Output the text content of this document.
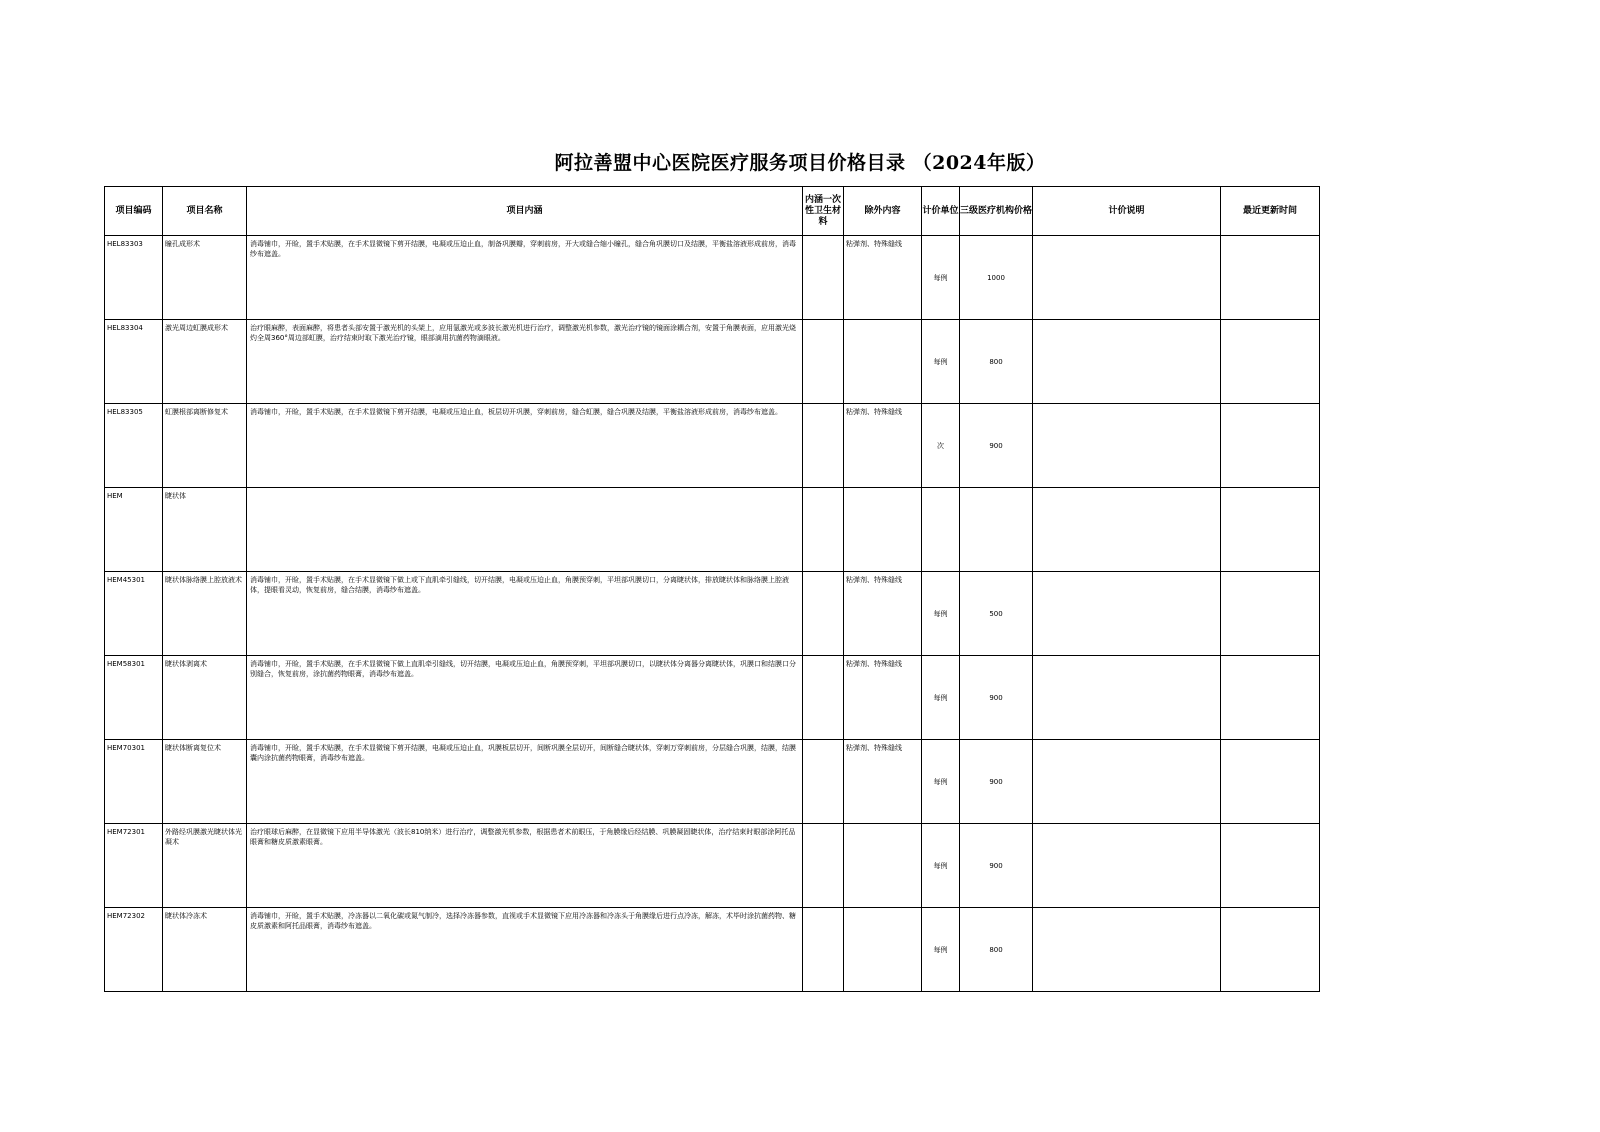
阿拉善盟中心医院医疗服务项目价格目录 （2024年版）
项目编码	项目名称	项目内涵	内涵一次性卫生材料	除外内容	计价单位	三级医疗机构价格	计价说明	最近更新时间
HEL83303	瞳孔成形术	消毒铺巾，开睑，置手术贴膜，在手术显微镜下剪开结膜，电凝或压迫止血，制备巩膜瓣，穿刺前房，开大或缝合缩小瞳孔，缝合角巩膜切口及结膜，平衡盐溶液形成前房，消毒纱布遮盖。		粘弹剂、特殊缝线	每例	1000		
HEL83304	激光周边虹膜成形术	治疗眼麻醉，表面麻醉，将患者头部安置于激光机的头架上，应用氩激光或多波长激光机进行治疗，调整激光机参数，激光治疗镜的镜面涂耦合剂，安置于角膜表面，应用激光烧灼全周360°周边部虹膜，治疗结束时取下激光治疗镜，眼部滴用抗菌药物滴眼液。			每例	800		
HEL83305	虹膜根部离断修复术	消毒铺巾，开睑，置手术贴膜，在手术显微镜下剪开结膜，电凝或压迫止血，板层切开巩膜，穿刺前房，缝合虹膜，缝合巩膜及结膜，平衡盐溶液形成前房，消毒纱布遮盖。		粘弹剂、特殊缝线	次	900		
HEM	睫状体							
HEM45301	睫状体脉络膜上腔放液术	消毒铺巾，开睑，置手术贴膜，在手术显微镜下做上或下直肌牵引缝线，切开结膜，电凝或压迫止血，角膜预穿刺，平坦部巩膜切口，分离睫状体，排放睫状体和脉络膜上腔液体，提眼看灵动，恢复前房，缝合结膜，消毒纱布遮盖。		粘弹剂、特殊缝线	每例	500		
HEM58301	睫状体剥离术	消毒铺巾，开睑，置手术贴膜，在手术显微镜下做上直肌牵引缝线，切开结膜，电凝或压迫止血，角膜预穿刺，平坦部巩膜切口，以睫状体分离器分离睫状体，巩膜口和结膜口分别缝合，恢复前房，涂抗菌药物眼膏，消毒纱布遮盖。		粘弹剂、特殊缝线	每例	900		
HEM70301	睫状体断离复位术	消毒铺巾，开睑，置手术贴膜，在手术显微镜下剪开结膜，电凝或压迫止血，巩膜板层切开，间断巩膜全层切开，间断缝合睫状体，穿刺万穿刺前房，分层缝合巩膜，结膜，结膜囊内涂抗菌药物眼膏，消毒纱布遮盖。		粘弹剂、特殊缝线	每例	900		
HEM72301	外路经巩膜激光睫状体光凝术	治疗眼球后麻醉，在显微镜下应用半导体激光（波长810纳米）进行治疗，调整激光机参数，根据患者术前眼压，于角膜缘后经结膜、巩膜凝固睫状体，治疗结束时眼部涂阿托品眼膏和糖皮质激素眼膏。			每例	900		
HEM72302	睫状体冷冻术	消毒铺巾，开睑，置手术贴膜，冷冻器以二氧化碳或氮气制冷，选择冷冻器参数，直视或手术显微镜下应用冷冻器和冷冻头于角膜缘后进行点冷冻，解冻，术毕时涂抗菌药物、糖皮质激素和阿托品眼膏，消毒纱布遮盖。			每例	800		
